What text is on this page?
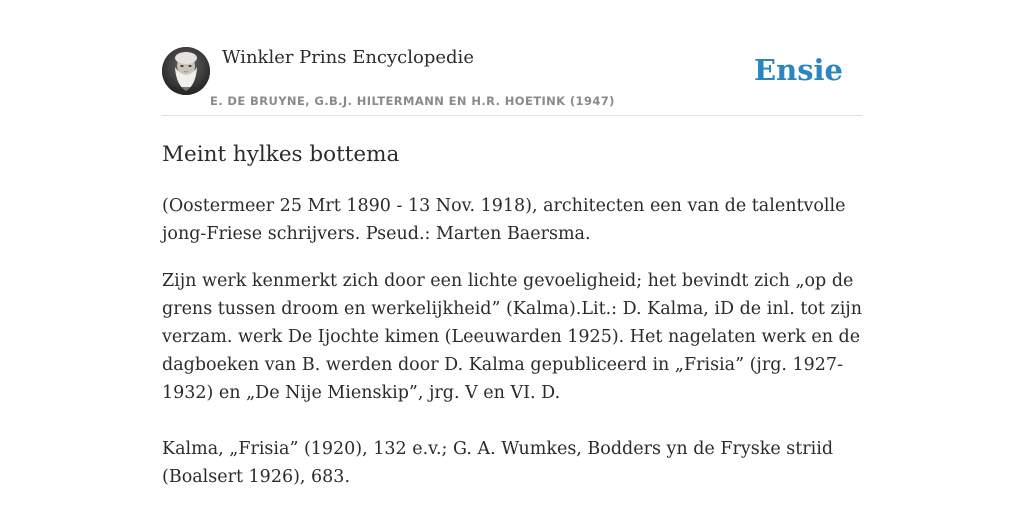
Winkler Prins Encyclopedie
E. DE BRUYNE, G.B.J. HILTERMANN EN H.R. HOETINK (1947)
Ensie
Meint hylkes bottema

(Oostermeer 25 Mrt 1890 - 13 Nov. 1918), architecten een van de talentvolle jong-Friese schrijvers. Pseud.: Marten Baersma.

Zijn werk kenmerkt zich door een lichte gevoeligheid; het bevindt zich „op de grens tussen droom en werkelijkheid” (Kalma).Lit.: D. Kalma, iD de inl. tot zijn verzam. werk De Ijochte kimen (Leeuwarden 1925). Het nagelaten werk en de dagboeken van B. werden door D. Kalma gepubliceerd in „Frisia” (jrg. 1927-1932) en „De Nije Mienskip”, jrg. V en VI. D.

Kalma, „Frisia” (1920), 132 e.v.; G. A. Wumkes, Bodders yn de Fryske striid (Boalsert 1926), 683.
